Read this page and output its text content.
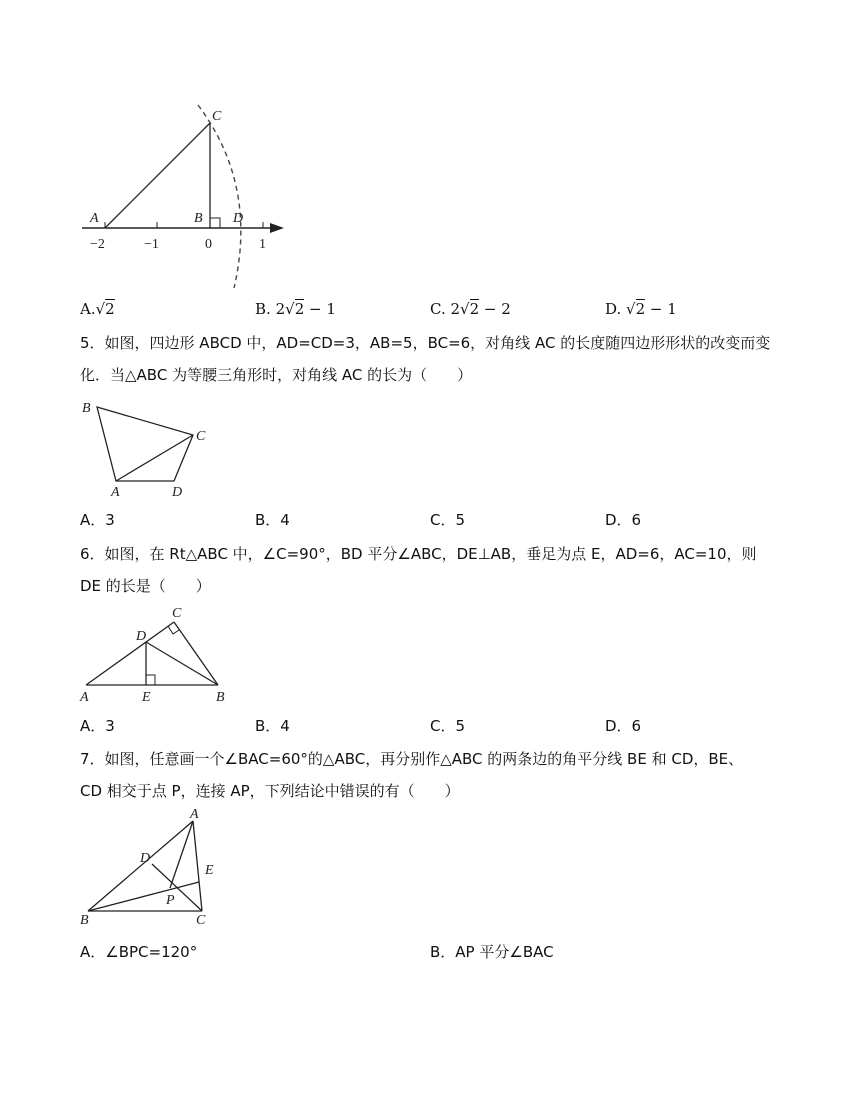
A	B
C
D
−2	−1	0	1
A.√2	B. 2√2 − 1	C. 2√2 − 2	D. √2 − 1
5．如图，四边形 ABCD 中，AD=CD=3，AB=5，BC=6，对角线 AC 的长度随四边形形状的改变而变
化．当△ABC 为等腰三角形时，对角线 AC 的长为（　　）
B
C
A	D
A．3	B．4	C．5	D．6
6．如图，在 Rt△ABC 中，∠C=90°，BD 平分∠ABC，DE⊥AB，垂足为点 E，AD=6，AC=10，则
DE 的长是（　　）
A	B
C
D
E
A．3	B．4	C．5	D．6
7．如图，任意画一个∠BAC=60°的△ABC，再分别作△ABC 的两条边的角平分线 BE 和 CD，BE、
CD 相交于点 P，连接 AP，下列结论中错误的有（　　）
A
B	C
D
E
P
A．∠BPC=120°	B．AP 平分∠BAC
